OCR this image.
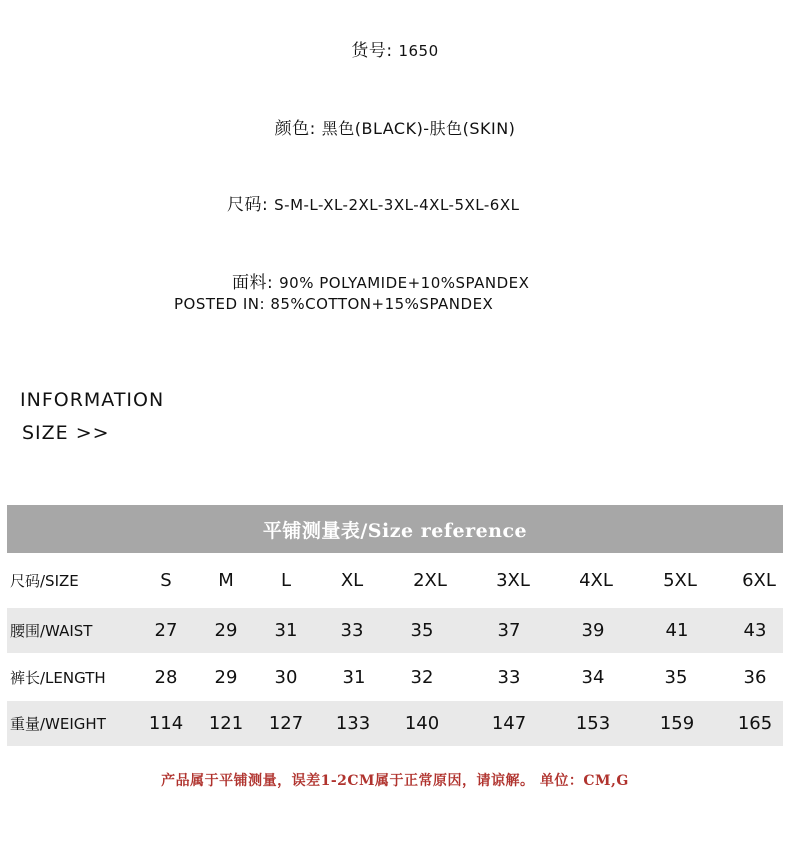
货号: 1650
颜色: 黑色(BLACK)-肤色(SKIN)
尺码: S-M-L-XL-2XL-3XL-4XL-5XL-6XL
面料: 90% POLYAMIDE+10%SPANDEX
POSTED IN: 85%COTTON+15%SPANDEX
INFORMATION
SIZE >>
平铺测量表/Size reference
尺码/SIZE	S	M	L	XL	2XL	3XL	4XL	5XL	6XL
腰围/WAIST	27 29 31 33	35	37	39	41	43
裤长/LENGTH	28 29 30	31	32	33	34	35	36
重量/WEIGHT 114 121 127 133 140	147	153	159 165
产品属于平铺测量，误差1-2CM属于正常原因，请谅解。 单位：CM,G
